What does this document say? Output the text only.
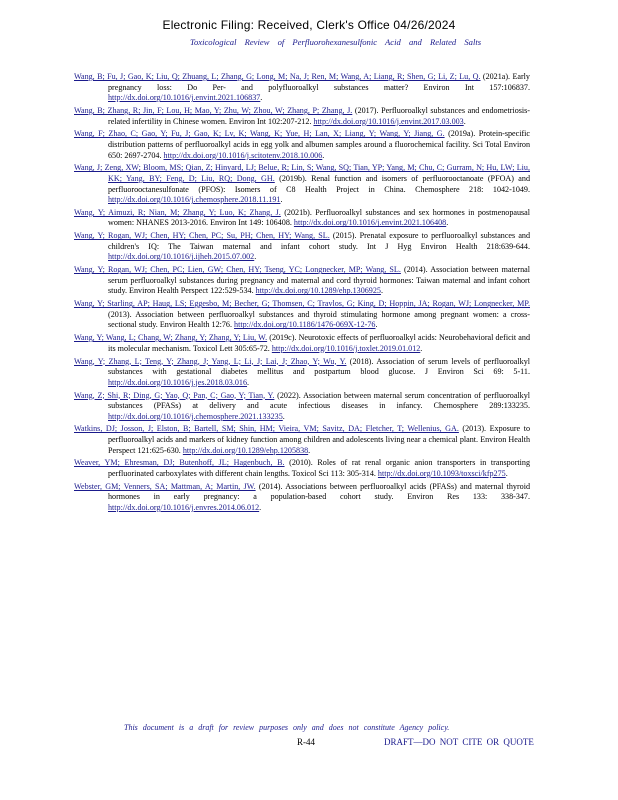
Electronic Filing: Received, Clerk's Office 04/26/2024
Toxicological Review of Perfluorohexanesulfonic Acid and Related Salts

Wang, B; Fu, J; Gao, K; Liu, Q; Zhuang, L; Zhang, G; Long, M; Na, J; Ren, M; Wang, A; Liang, R; Shen, G; Li, Z; Lu, Q. (2021a). Early pregnancy loss: Do Per- and polyfluoroalkyl substances matter? Environ Int 157:106837. http://dx.doi.org/10.1016/j.envint.2021.106837.

Wang, B; Zhang, R; Jin, F; Lou, H; Mao, Y; Zhu, W; Zhou, W; Zhang, P; Zhang, J. (2017). Perfluoroalkyl substances and endometriosis-related infertility in Chinese women. Environ Int 102:207-212. http://dx.doi.org/10.1016/j.envint.2017.03.003.

Wang, F; Zhao, C; Gao, Y; Fu, J; Gao, K; Lv, K; Wang, K; Yue, H; Lan, X; Liang, Y; Wang, Y; Jiang, G. (2019a). Protein-specific distribution patterns of perfluoroalkyl acids in egg yolk and albumen samples around a fluorochemical facility. Sci Total Environ 650: 2697-2704. http://dx.doi.org/10.1016/j.scitotenv.2018.10.006.

Wang, J; Zeng, XW; Bloom, MS; Qian, Z; Hinyard, LJ; Belue, R; Lin, S; Wang, SQ; Tian, YP; Yang, M; Chu, C; Gurram, N; Hu, LW; Liu, KK; Yang, BY; Feng, D; Liu, RQ; Dong, GH. (2019b). Renal function and isomers of perfluorooctanoate (PFOA) and perfluorooctanesulfonate (PFOS): Isomers of C8 Health Project in China. Chemosphere 218: 1042-1049. http://dx.doi.org/10.1016/j.chemosphere.2018.11.191.

Wang, Y; Aimuzi, R; Nian, M; Zhang, Y; Luo, K; Zhang, J. (2021b). Perfluoroalkyl substances and sex hormones in postmenopausal women: NHANES 2013-2016. Environ Int 149: 106408. http://dx.doi.org/10.1016/j.envint.2021.106408.

Wang, Y; Rogan, WJ; Chen, HY; Chen, PC; Su, PH; Chen, HY; Wang, SL. (2015). Prenatal exposure to perfluoroalkyl substances and children's IQ: The Taiwan maternal and infant cohort study. Int J Hyg Environ Health 218:639-644. http://dx.doi.org/10.1016/j.ijheh.2015.07.002.

Wang, Y; Rogan, WJ; Chen, PC; Lien, GW; Chen, HY; Tseng, YC; Longnecker, MP; Wang, SL. (2014). Association between maternal serum perfluoroalkyl substances during pregnancy and maternal and cord thyroid hormones: Taiwan maternal and infant cohort study. Environ Health Perspect 122:529-534. http://dx.doi.org/10.1289/ehp.1306925.

Wang, Y; Starling, AP; Haug, LS; Eggesbo, M; Becher, G; Thomsen, C; Travlos, G; King, D; Hoppin, JA; Rogan, WJ; Longnecker, MP. (2013). Association between perfluoroalkyl substances and thyroid stimulating hormone among pregnant women: a cross-sectional study. Environ Health 12:76. http://dx.doi.org/10.1186/1476-069X-12-76.

Wang, Y; Wang, L; Chang, W; Zhang, Y; Zhang, Y; Liu, W. (2019c). Neurotoxic effects of perfluoroalkyl acids: Neurobehavioral deficit and its molecular mechanism. Toxicol Lett 305:65-72. http://dx.doi.org/10.1016/j.toxlet.2019.01.012.

Wang, Y; Zhang, L; Teng, Y; Zhang, J; Yang, L; Li, J; Lai, J; Zhao, Y; Wu, Y. (2018). Association of serum levels of perfluoroalkyl substances with gestational diabetes mellitus and postpartum blood glucose. J Environ Sci 69: 5-11. http://dx.doi.org/10.1016/j.jes.2018.03.016.

Wang, Z; Shi, R; Ding, G; Yao, Q; Pan, C; Gao, Y; Tian, Y. (2022). Association between maternal serum concentration of perfluoroalkyl substances (PFASs) at delivery and acute infectious diseases in infancy. Chemosphere 289:133235. http://dx.doi.org/10.1016/j.chemosphere.2021.133235.

Watkins, DJ; Josson, J; Elston, B; Bartell, SM; Shin, HM; Vieira, VM; Savitz, DA; Fletcher, T; Wellenius, GA. (2013). Exposure to perfluoroalkyl acids and markers of kidney function among children and adolescents living near a chemical plant. Environ Health Perspect 121:625-630. http://dx.doi.org/10.1289/ehp.1205838.

Weaver, YM; Ehresman, DJ; Butenhoff, JL; Hagenbuch, B. (2010). Roles of rat renal organic anion transporters in transporting perfluorinated carboxylates with different chain lengths. Toxicol Sci 113: 305-314. http://dx.doi.org/10.1093/toxsci/kfp275.

Webster, GM; Venners, SA; Mattman, A; Martin, JW. (2014). Associations between perfluoroalkyl acids (PFASs) and maternal thyroid hormones in early pregnancy: a population-based cohort study. Environ Res 133: 338-347. http://dx.doi.org/10.1016/j.envres.2014.06.012.

This document is a draft for review purposes only and does not constitute Agency policy.
R-44	DRAFT—DO NOT CITE OR QUOTE
